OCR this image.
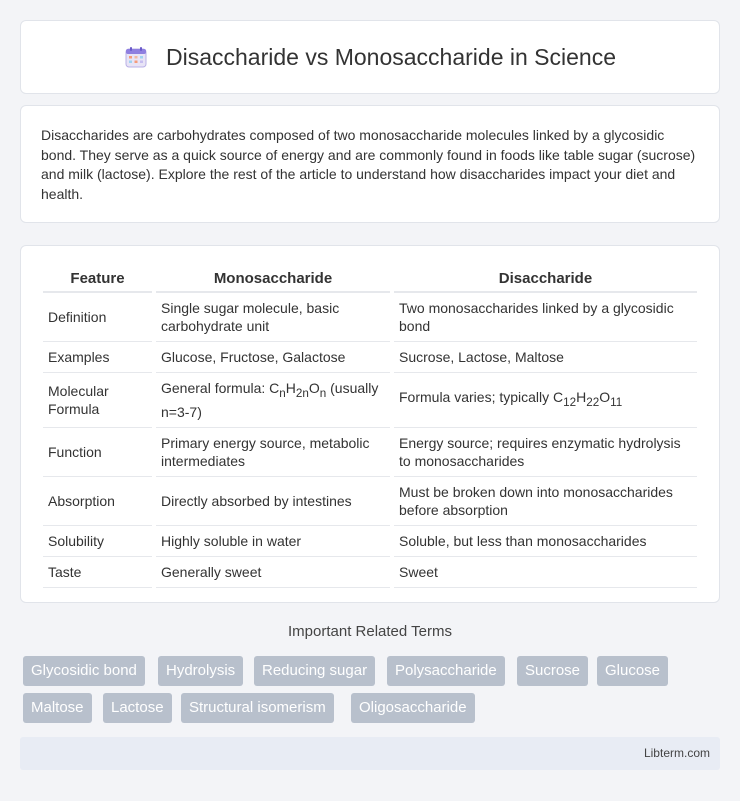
Disaccharide vs Monosaccharide in Science

Disaccharides are carbohydrates composed of two monosaccharide molecules linked by a glycosidic bond. They serve as a quick source of energy and are commonly found in foods like table sugar (sucrose) and milk (lactose). Explore the rest of the article to understand how disaccharides impact your diet and health.

Feature		Monosaccharide		Disaccharide
Definition		Single sugar molecule, basic carbohydrate unit		Two monosaccharides linked by a glycosidic bond
Examples		Glucose, Fructose, Galactose		Sucrose, Lactose, Maltose
Molecular Formula		General formula: $C_nH_{2n}O_n$ (usually n=3-7)		Formula varies; typically $C_{12}H_{22}O_{11}$
Function		Primary energy source, metabolic intermediates		Energy source; requires enzymatic hydrolysis to monosaccharides
Absorption		Directly absorbed by intestines		Must be broken down into monosaccharides before absorption
Solubility		Highly soluble in water		Soluble, but less than monosaccharides
Taste		Generally sweet		Sweet
Important Related Terms
Glycosidic bond	Hydrolysis	Reducing sugar	Polysaccharide	Sucrose	Glucose
Maltose	Lactose	Structural isomerism	Oligosaccharide
Libterm.com
